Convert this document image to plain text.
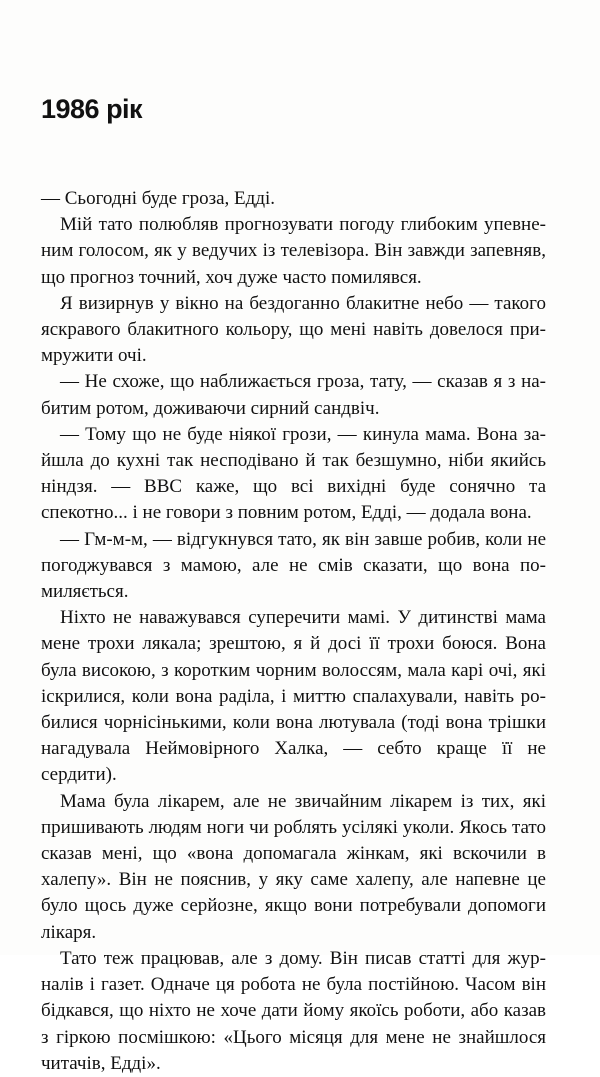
1986 рік

— Сьогодні буде гроза, Едді.

Мій тато полюбляв прогнозувати погоду глибоким упевненим голосом, як у ведучих із телевізора. Він завжди запевняв, що прогноз точний, хоч дуже часто помилявся.

Я визирнув у вікно на бездоганно блакитне небо — такого яскравого блакитного кольору, що мені навіть довелося примружити очі.

— Не схоже, що наближається гроза, тату, — сказав я з набитим ротом, доживаючи сирний сандвіч.

— Тому що не буде ніякої грози, — кинула мама. Вона зайшла до кухні так несподівано й так безшумно, ніби якийсь ніндзя. — BBC каже, що всі вихідні буде сонячно та спекотно... і не говори з повним ротом, Едді, — додала вона.

— Гм-м-м, — відгукнувся тато, як він завше робив, коли не погоджувався з мамою, але не смів сказати, що вона помиляється.

Ніхто не наважувався суперечити мамі. У дитинстві мама мене трохи лякала; зрештою, я й досі її трохи боюся. Вона була високою, з коротким чорним волоссям, мала карі очі, які іскрилися, коли вона раділа, і миттю спалахували, навіть робилися чорнісінькими, коли вона лютувала (тоді вона трішки нагадувала Неймовірного Халка, — себто краще її не сердити).

Мама була лікарем, але не звичайним лікарем із тих, які пришивають людям ноги чи роблять усілякі уколи. Якось тато сказав мені, що «вона допомагала жінкам, які вскочили в халепу». Він не пояснив, у яку саме халепу, але напевне це було щось дуже серйозне, якщо вони потребували допомоги лікаря.

Тато теж працював, але з дому. Він писав статті для журналів і газет. Одначе ця робота не була постійною. Часом він бідкався, що ніхто не хоче дати йому якоїсь роботи, або казав з гіркою посмішкою: «Цього місяця для мене не знайшлося читачів, Едді».
